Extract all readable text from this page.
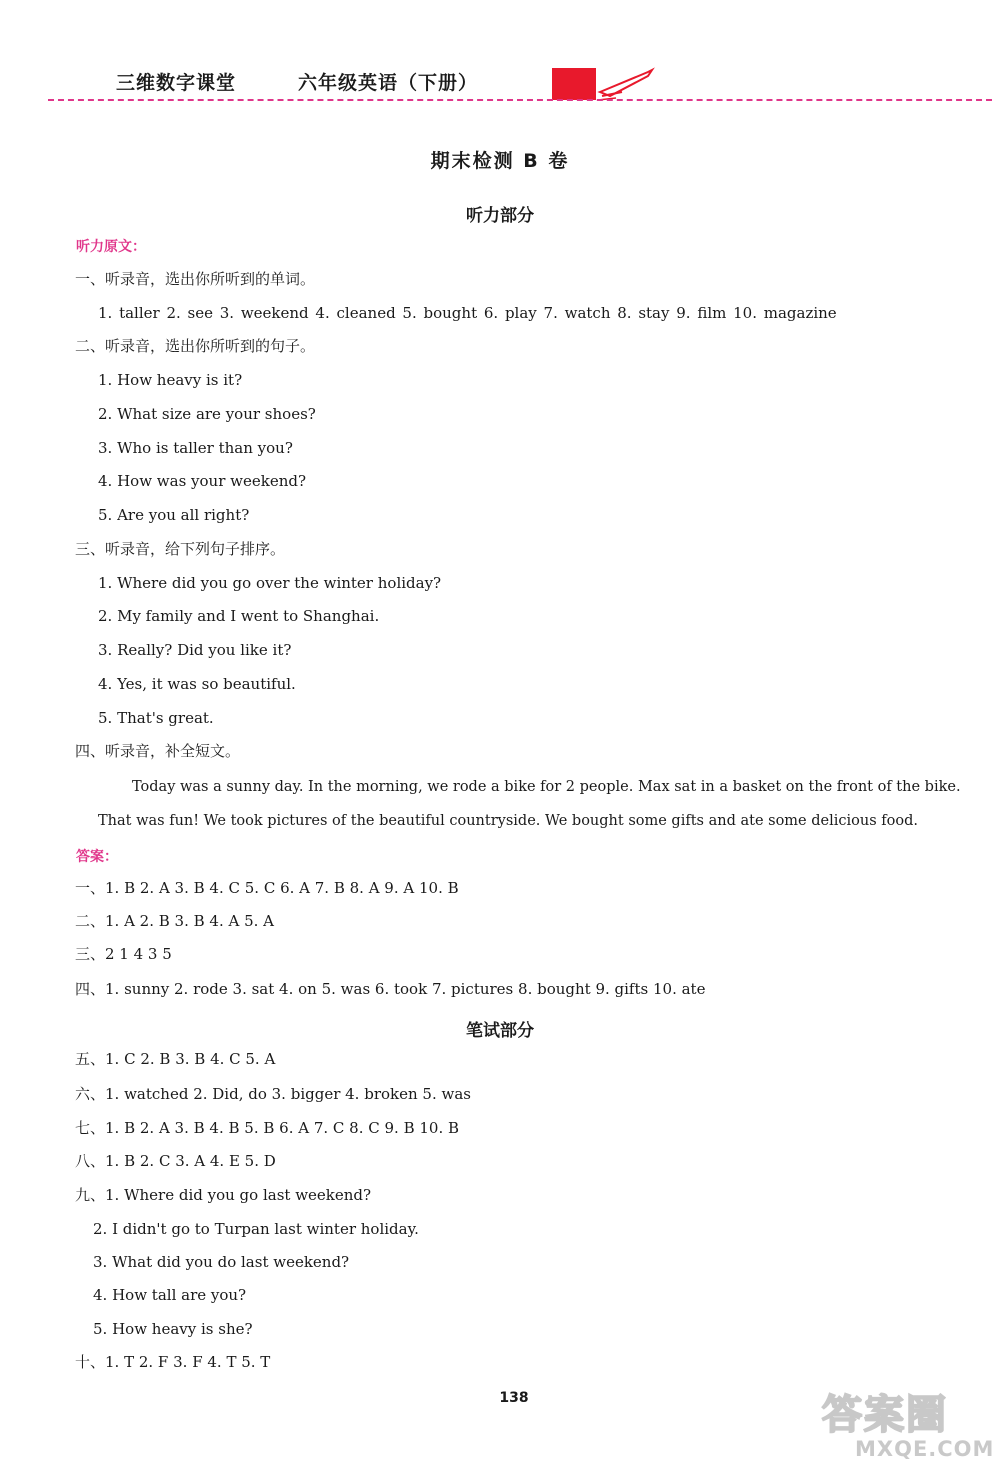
三维数字课堂	六年级英语（下册）
期末检测 B 卷
听力部分
听力原文：
一、听录音，选出你所听到的单词。
1. taller 2. see 3. weekend 4. cleaned 5. bought 6. play 7. watch 8. stay 9. film 10. magazine
二、听录音，选出你所听到的句子。
1. How heavy is it?
2. What size are your shoes?
3. Who is taller than you?
4. How was your weekend?
5. Are you all right?
三、听录音，给下列句子排序。
1. Where did you go over the winter holiday?
2. My family and I went to Shanghai.
3. Really? Did you like it?
4. Yes, it was so beautiful.
5. That's great.
四、听录音，补全短文。
Today was a sunny day. In the morning, we rode a bike for 2 people. Max sat in a basket on the front of the bike.
That was fun! We took pictures of the beautiful countryside. We bought some gifts and ate some delicious food.
答案：
一、1. B 2. A 3. B 4. C 5. C 6. A 7. B 8. A 9. A 10. B
二、1. A 2. B 3. B 4. A 5. A
三、2 1 4 3 5
四、1. sunny 2. rode 3. sat 4. on 5. was 6. took 7. pictures 8. bought 9. gifts 10. ate
笔试部分
五、1. C 2. B 3. B 4. C 5. A
六、1. watched 2. Did, do 3. bigger 4. broken 5. was
七、1. B 2. A 3. B 4. B 5. B 6. A 7. C 8. C 9. B 10. B
八、1. B 2. C 3. A 4. E 5. D
九、1. Where did you go last weekend?
2. I didn't go to Turpan last winter holiday.
3. What did you do last weekend?
4. How tall are you?
5. How heavy is she?
十、1. T 2. F 3. F 4. T 5. T
138	答案圈
MXQE.COM
